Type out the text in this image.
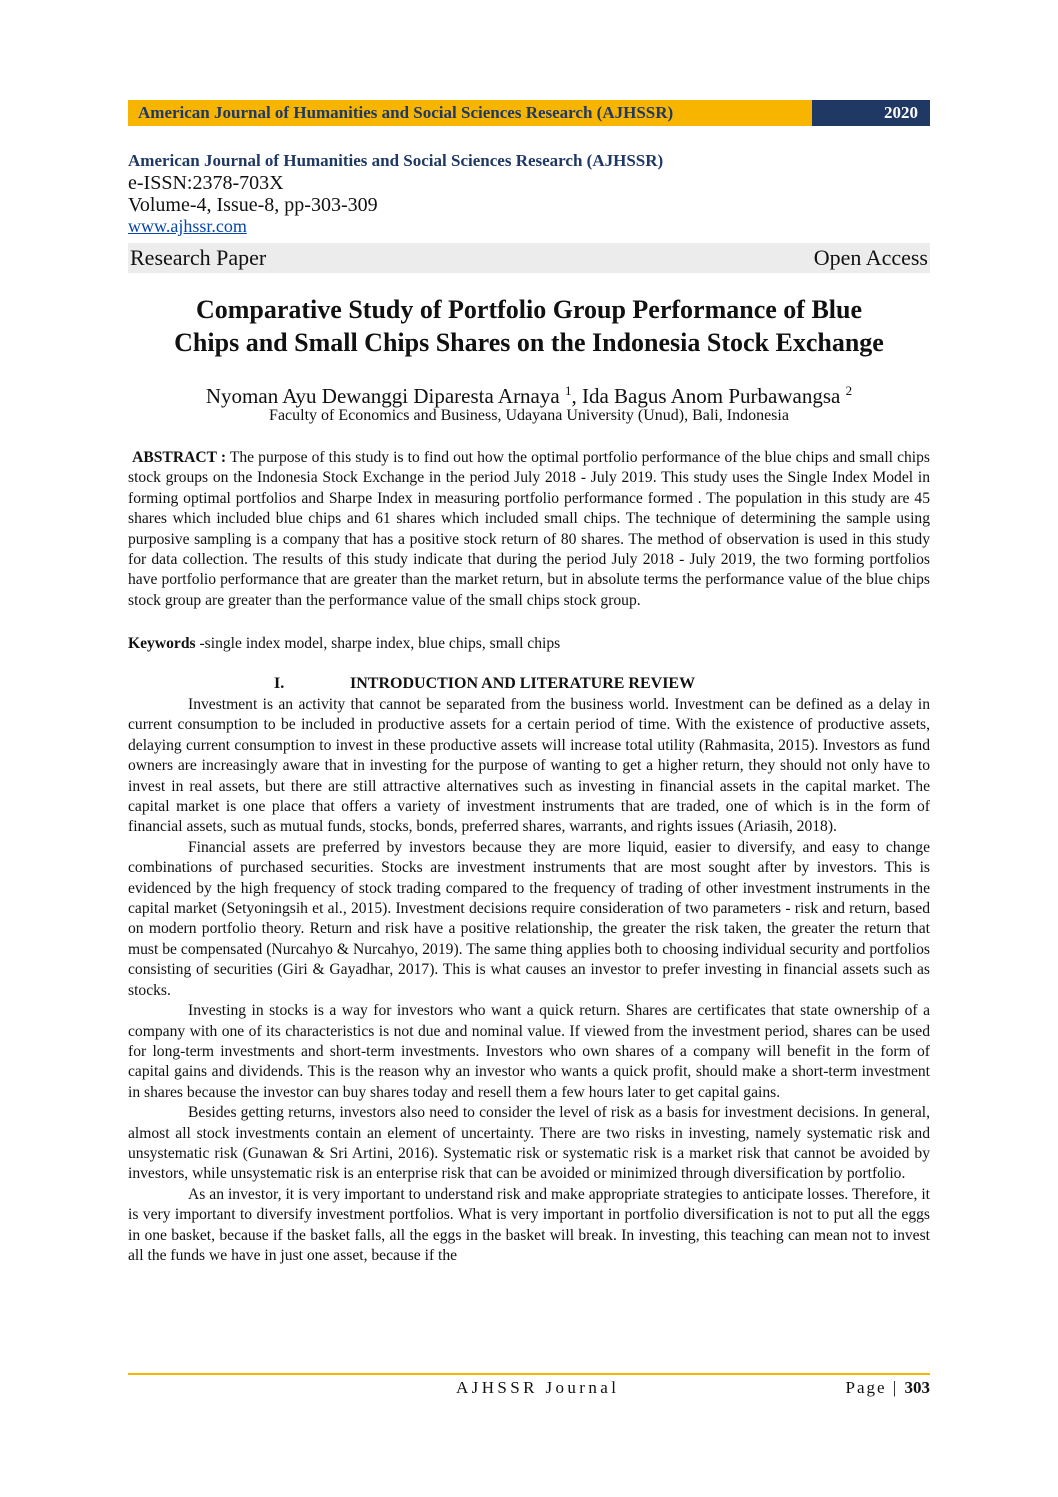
American Journal of Humanities and Social Sciences Research (AJHSSR)	2020
American Journal of Humanities and Social Sciences Research (AJHSSR)
e-ISSN:2378-703X
Volume-4, Issue-8, pp-303-309
www.ajhssr.com
Research Paper	Open Access
Comparative Study of Portfolio Group Performance of Blue
Chips and Small Chips Shares on the Indonesia Stock Exchange
Nyoman Ayu Dewanggi Diparesta Arnaya $^1$, Ida Bagus Anom Purbawangsa $^2$
Faculty of Economics and Business, Udayana University (Unud), Bali, Indonesia
ABSTRACT : The purpose of this study is to find out how the optimal portfolio performance of the blue chips and small chips stock groups on the Indonesia Stock Exchange in the period July 2018 - July 2019. This study uses the Single Index Model in forming optimal portfolios and Sharpe Index in measuring portfolio performance formed . The population in this study are 45 shares which included blue chips and 61 shares which included small chips. The technique of determining the sample using purposive sampling is a company that has a positive stock return of 80 shares. The method of observation is used in this study for data collection. The results of this study indicate that during the period July 2018 - July 2019, the two forming portfolios have portfolio performance that are greater than the market return, but in absolute terms the performance value of the blue chips stock group are greater than the performance value of the small chips stock group.
Keywords -single index model, sharpe index, blue chips, small chips
I.	INTRODUCTION AND LITERATURE REVIEW

Investment is an activity that cannot be separated from the business world. Investment can be defined as a delay in current consumption to be included in productive assets for a certain period of time. With the existence of productive assets, delaying current consumption to invest in these productive assets will increase total utility (Rahmasita, 2015). Investors as fund owners are increasingly aware that in investing for the purpose of wanting to get a higher return, they should not only have to invest in real assets, but there are still attractive alternatives such as investing in financial assets in the capital market. The capital market is one place that offers a variety of investment instruments that are traded, one of which is in the form of financial assets, such as mutual funds, stocks, bonds, preferred shares, warrants, and rights issues (Ariasih, 2018).

Financial assets are preferred by investors because they are more liquid, easier to diversify, and easy to change combinations of purchased securities. Stocks are investment instruments that are most sought after by investors. This is evidenced by the high frequency of stock trading compared to the frequency of trading of other investment instruments in the capital market (Setyoningsih et al., 2015). Investment decisions require consideration of two parameters - risk and return, based on modern portfolio theory. Return and risk have a positive relationship, the greater the risk taken, the greater the return that must be compensated (Nurcahyo & Nurcahyo, 2019). The same thing applies both to choosing individual security and portfolios consisting of securities (Giri & Gayadhar, 2017). This is what causes an investor to prefer investing in financial assets such as stocks.

Investing in stocks is a way for investors who want a quick return. Shares are certificates that state ownership of a company with one of its characteristics is not due and nominal value. If viewed from the investment period, shares can be used for long-term investments and short-term investments. Investors who own shares of a company will benefit in the form of capital gains and dividends. This is the reason why an investor who wants a quick profit, should make a short-term investment in shares because the investor can buy shares today and resell them a few hours later to get capital gains.

Besides getting returns, investors also need to consider the level of risk as a basis for investment decisions. In general, almost all stock investments contain an element of uncertainty. There are two risks in investing, namely systematic risk and unsystematic risk (Gunawan & Sri Artini, 2016). Systematic risk or systematic risk is a market risk that cannot be avoided by investors, while unsystematic risk is an enterprise risk that can be avoided or minimized through diversification by portfolio.

As an investor, it is very important to understand risk and make appropriate strategies to anticipate losses. Therefore, it is very important to diversify investment portfolios. What is very important in portfolio diversification is not to put all the eggs in one basket, because if the basket falls, all the eggs in the basket will break. In investing, this teaching can mean not to invest all the funds we have in just one asset, because if the

AJHSSR Journal	Page | 303
